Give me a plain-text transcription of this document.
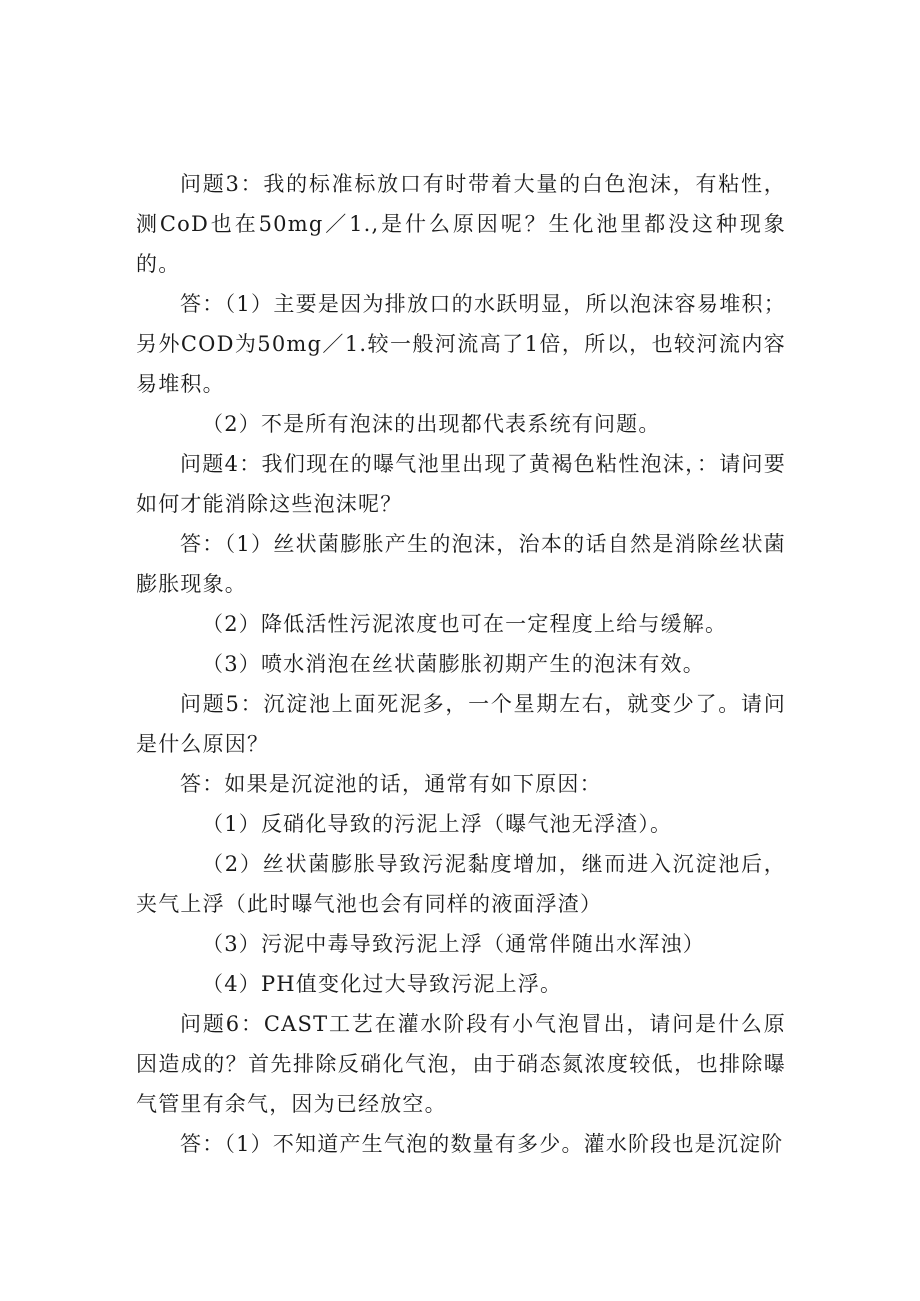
问题3：我的标准标放口有时带着大量的白色泡沫，有粘性，测CoD也在50mg／1.,是什么原因呢？生化池里都没这种现象的。

答：（1）主要是因为排放口的水跃明显，所以泡沫容易堆积；另外COD为50mg／1.较一般河流高了1倍，所以，也较河流内容易堆积。

（2）不是所有泡沫的出现都代表系统有问题。

问题4：我们现在的曝气池里出现了黄褐色粘性泡沫，：请问要如何才能消除这些泡沫呢？

答：（1）丝状菌膨胀产生的泡沫，治本的话自然是消除丝状菌膨胀现象。

（2）降低活性污泥浓度也可在一定程度上给与缓解。

（3）喷水消泡在丝状菌膨胀初期产生的泡沫有效。

问题5：沉淀池上面死泥多，一个星期左右，就变少了。请问是什么原因？

答：如果是沉淀池的话，通常有如下原因：

（1）反硝化导致的污泥上浮（曝气池无浮渣）。

（2）丝状菌膨胀导致污泥黏度增加，继而进入沉淀池后，夹气上浮（此时曝气池也会有同样的液面浮渣）

（3）污泥中毒导致污泥上浮（通常伴随出水浑浊）

（4）PH值变化过大导致污泥上浮。

问题6：CAST工艺在灌水阶段有小气泡冒出，请问是什么原因造成的？首先排除反硝化气泡，由于硝态氮浓度较低，也排除曝气管里有余气，因为已经放空。

答：（1）不知道产生气泡的数量有多少。灌水阶段也是沉淀阶
